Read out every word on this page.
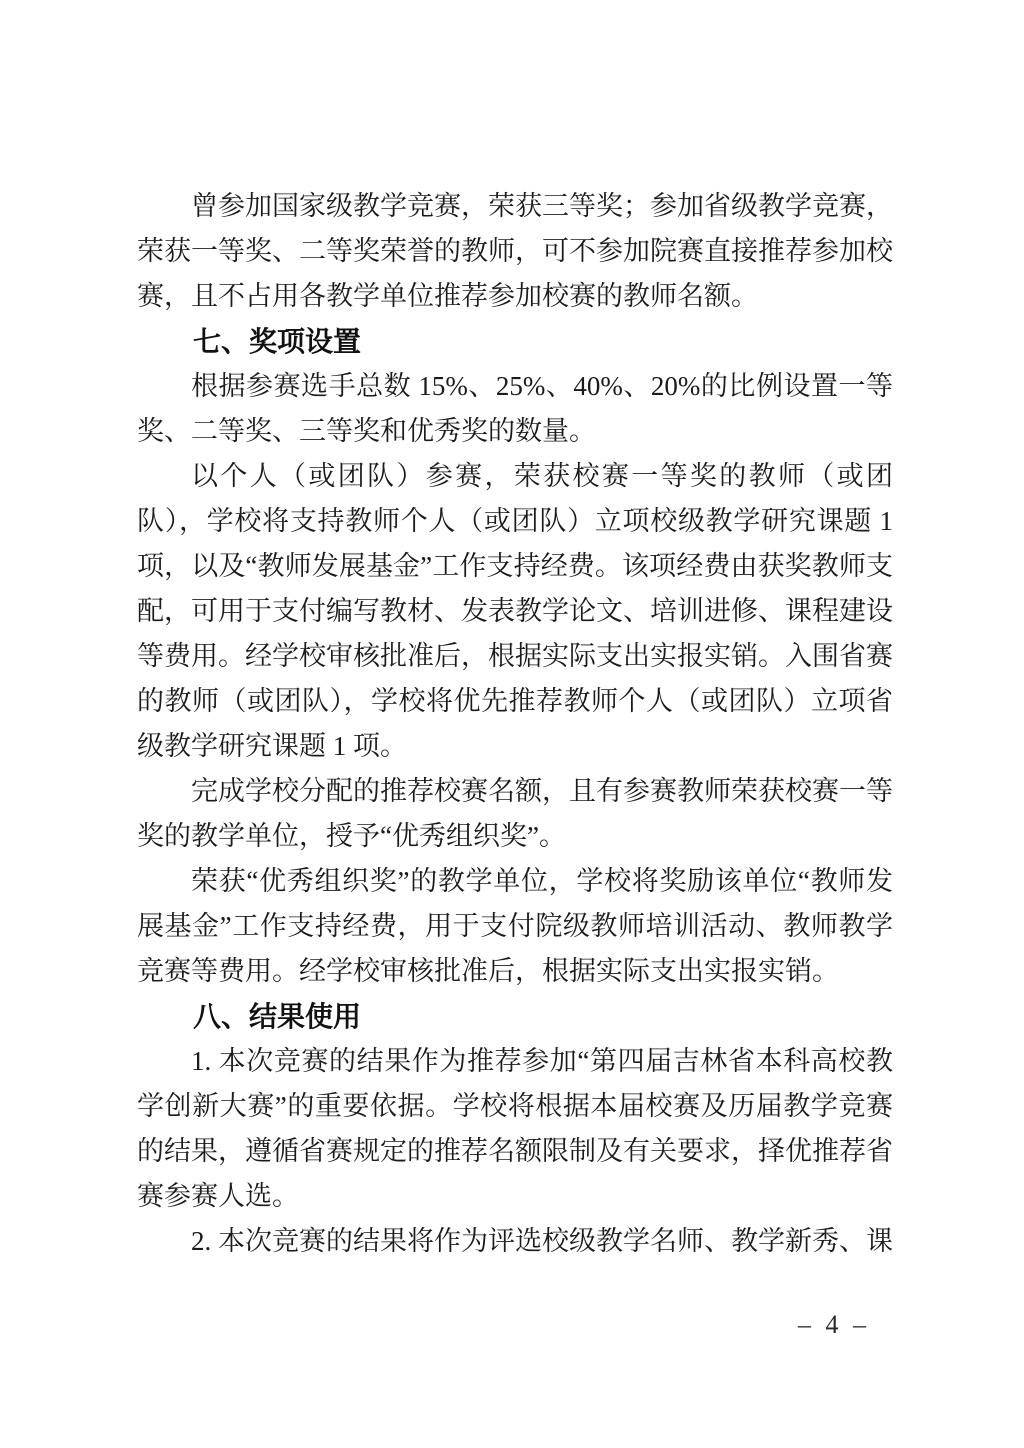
曾参加国家级教学竞赛，荣获三等奖；参加省级教学竞赛，荣获一等奖、二等奖荣誉的教师，可不参加院赛直接推荐参加校赛，且不占用各教学单位推荐参加校赛的教师名额。

七、奖项设置

根据参赛选手总数 15%、25%、40%、20%的比例设置一等奖、二等奖、三等奖和优秀奖的数量。

以个人（或团队）参赛，荣获校赛一等奖的教师（或团队），学校将支持教师个人（或团队）立项校级教学研究课题 1 项，以及“教师发展基金”工作支持经费。该项经费由获奖教师支配，可用于支付编写教材、发表教学论文、培训进修、课程建设等费用。经学校审核批准后，根据实际支出实报实销。入围省赛的教师（或团队），学校将优先推荐教师个人（或团队）立项省级教学研究课题 1 项。

完成学校分配的推荐校赛名额，且有参赛教师荣获校赛一等奖的教学单位，授予“优秀组织奖”。

荣获“优秀组织奖”的教学单位，学校将奖励该单位“教师发展基金”工作支持经费，用于支付院级教师培训活动、教师教学竞赛等费用。经学校审核批准后，根据实际支出实报实销。

八、结果使用

1. 本次竞赛的结果作为推荐参加“第四届吉林省本科高校教学创新大赛”的重要依据。学校将根据本届校赛及历届教学竞赛的结果，遵循省赛规定的推荐名额限制及有关要求，择优推荐省赛参赛人选。

2. 本次竞赛的结果将作为评选校级教学名师、教学新秀、课

– 4 –
